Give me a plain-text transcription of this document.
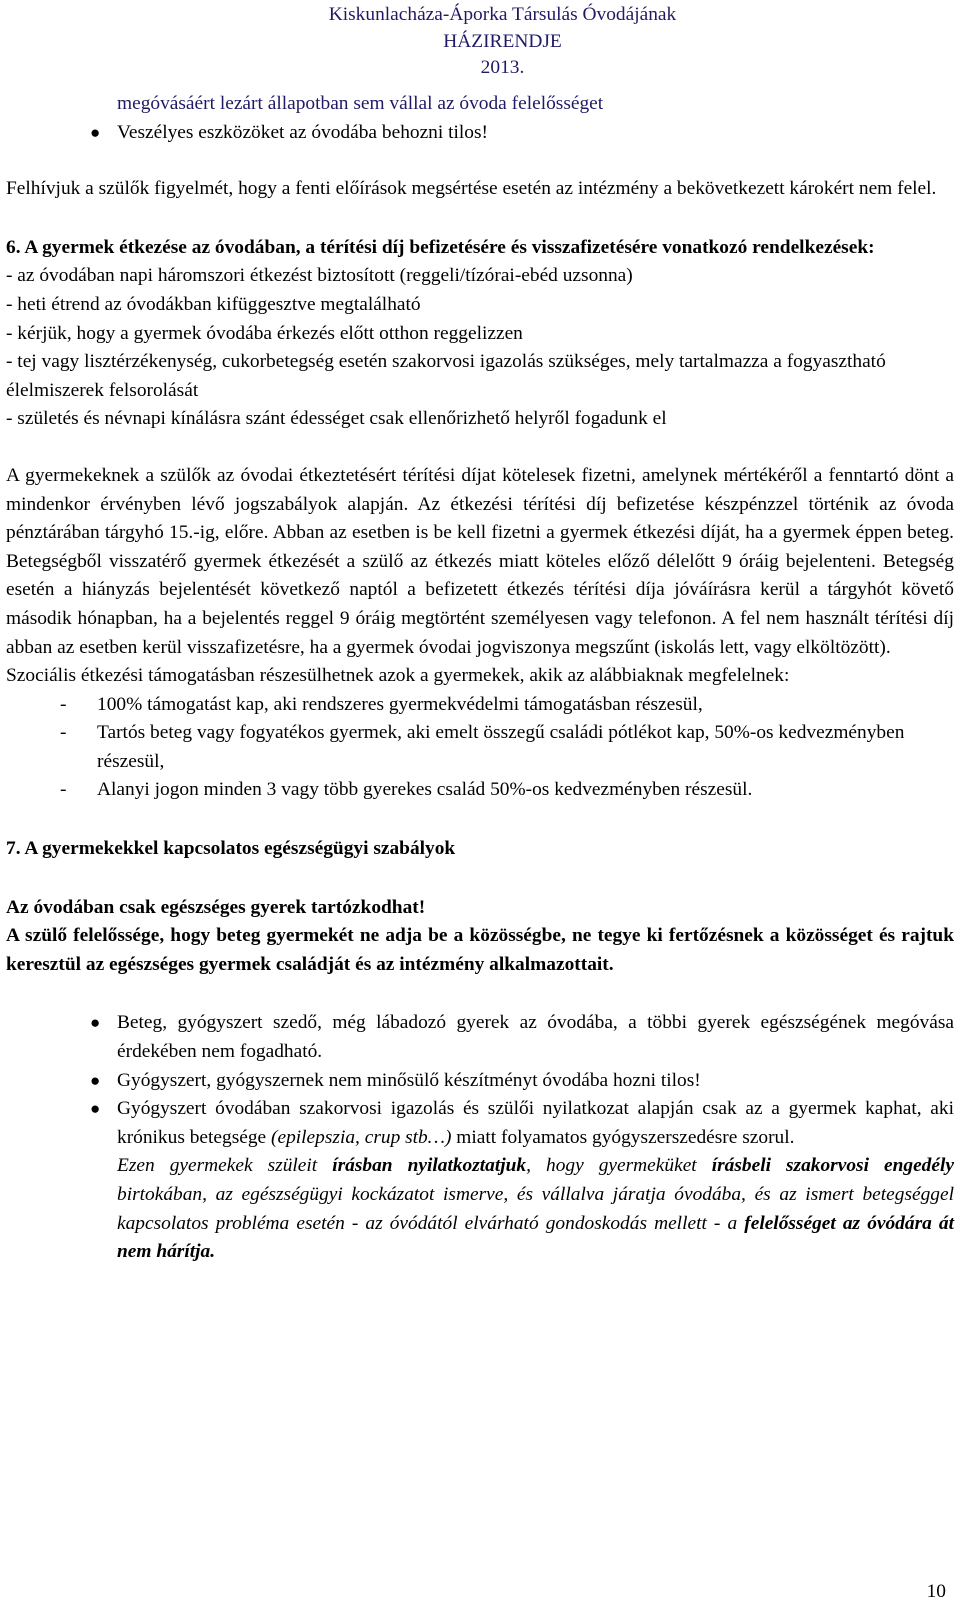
Kiskunlacháza-Áporka Társulás Óvodájának
HÁZIRENDJE
2013.

megóvásáért lezárt állapotban sem vállal az óvoda felelősséget

● Veszélyes eszközöket az óvodába behozni tilos!

Felhívjuk a szülők figyelmét, hogy a fenti előírások megsértése esetén az intézmény a bekövetkezett károkért nem felel.

6. A gyermek étkezése az óvodában, a térítési díj befizetésére és visszafizetésére vonatkozó rendelkezések:

- az óvodában napi háromszori étkezést biztosított (reggeli/tízórai-ebéd uzsonna)

- heti étrend az óvodákban kifüggesztve megtalálható

- kérjük, hogy a gyermek óvodába érkezés előtt otthon reggelizzen

- tej vagy lisztérzékenység, cukorbetegség esetén szakorvosi igazolás szükséges, mely tartalmazza a fogyasztható élelmiszerek felsorolását

- születés és névnapi kínálásra szánt édességet csak ellenőrizhető helyről fogadunk el

A gyermekeknek a szülők az óvodai étkeztetésért térítési díjat kötelesek fizetni, amelynek mértékéről a fenntartó dönt a mindenkor érvényben lévő jogszabályok alapján. Az étkezési térítési díj befizetése készpénzzel történik az óvoda pénztárában tárgyhó 15.-ig, előre. Abban az esetben is be kell fizetni a gyermek étkezési díját, ha a gyermek éppen beteg. Betegségből visszatérő gyermek étkezését a szülő az étkezés miatt köteles előző délelőtt 9 óráig bejelenteni. Betegség esetén a hiányzás bejelentését következő naptól a befizetett étkezés térítési díja jóváírásra kerül a tárgyhót követő második hónapban, ha a bejelentés reggel 9 óráig megtörtént személyesen vagy telefonon. A fel nem használt térítési díj abban az esetben kerül visszafizetésre, ha a gyermek óvodai jogviszonya megszűnt (iskolás lett, vagy elköltözött).

Szociális étkezési támogatásban részesülhetnek azok a gyermekek, akik az alábbiaknak megfelelnek:

- 100% támogatást kap, aki rendszeres gyermekvédelmi támogatásban részesül,

- Tartós beteg vagy fogyatékos gyermek, aki emelt összegű családi pótlékot kap, 50%-os kedvezményben részesül,

- Alanyi jogon minden 3 vagy több gyerekes család 50%-os kedvezményben részesül.

7. A gyermekekkel kapcsolatos egészségügyi szabályok

Az óvodában csak egészséges gyerek tartózkodhat!

A szülő felelőssége, hogy beteg gyermekét ne adja be a közösségbe, ne tegye ki fertőzésnek a közösséget és rajtuk keresztül az egészséges gyermek családját és az intézmény alkalmazottait.

● Beteg, gyógyszert szedő, még lábadozó gyerek az óvodába, a többi gyerek egészségének megóvása érdekében nem fogadható.

● Gyógyszert, gyógyszernek nem minősülő készítményt óvodába hozni tilos!

● Gyógyszert óvodában szakorvosi igazolás és szülői nyilatkozat alapján csak az a gyermek kaphat, aki krónikus betegsége (epilepszia, crup stb…) miatt folyamatos gyógyszerszedésre szorul.

Ezen gyermekek szüleit írásban nyilatkoztatjuk, hogy gyermeküket írásbeli szakorvosi engedély birtokában, az egészségügyi kockázatot ismerve, és vállalva járatja óvodába, és az ismert betegséggel kapcsolatos probléma esetén - az óvódától elvárható gondoskodás mellett - a felelősséget az óvódára át nem hárítja.

10
